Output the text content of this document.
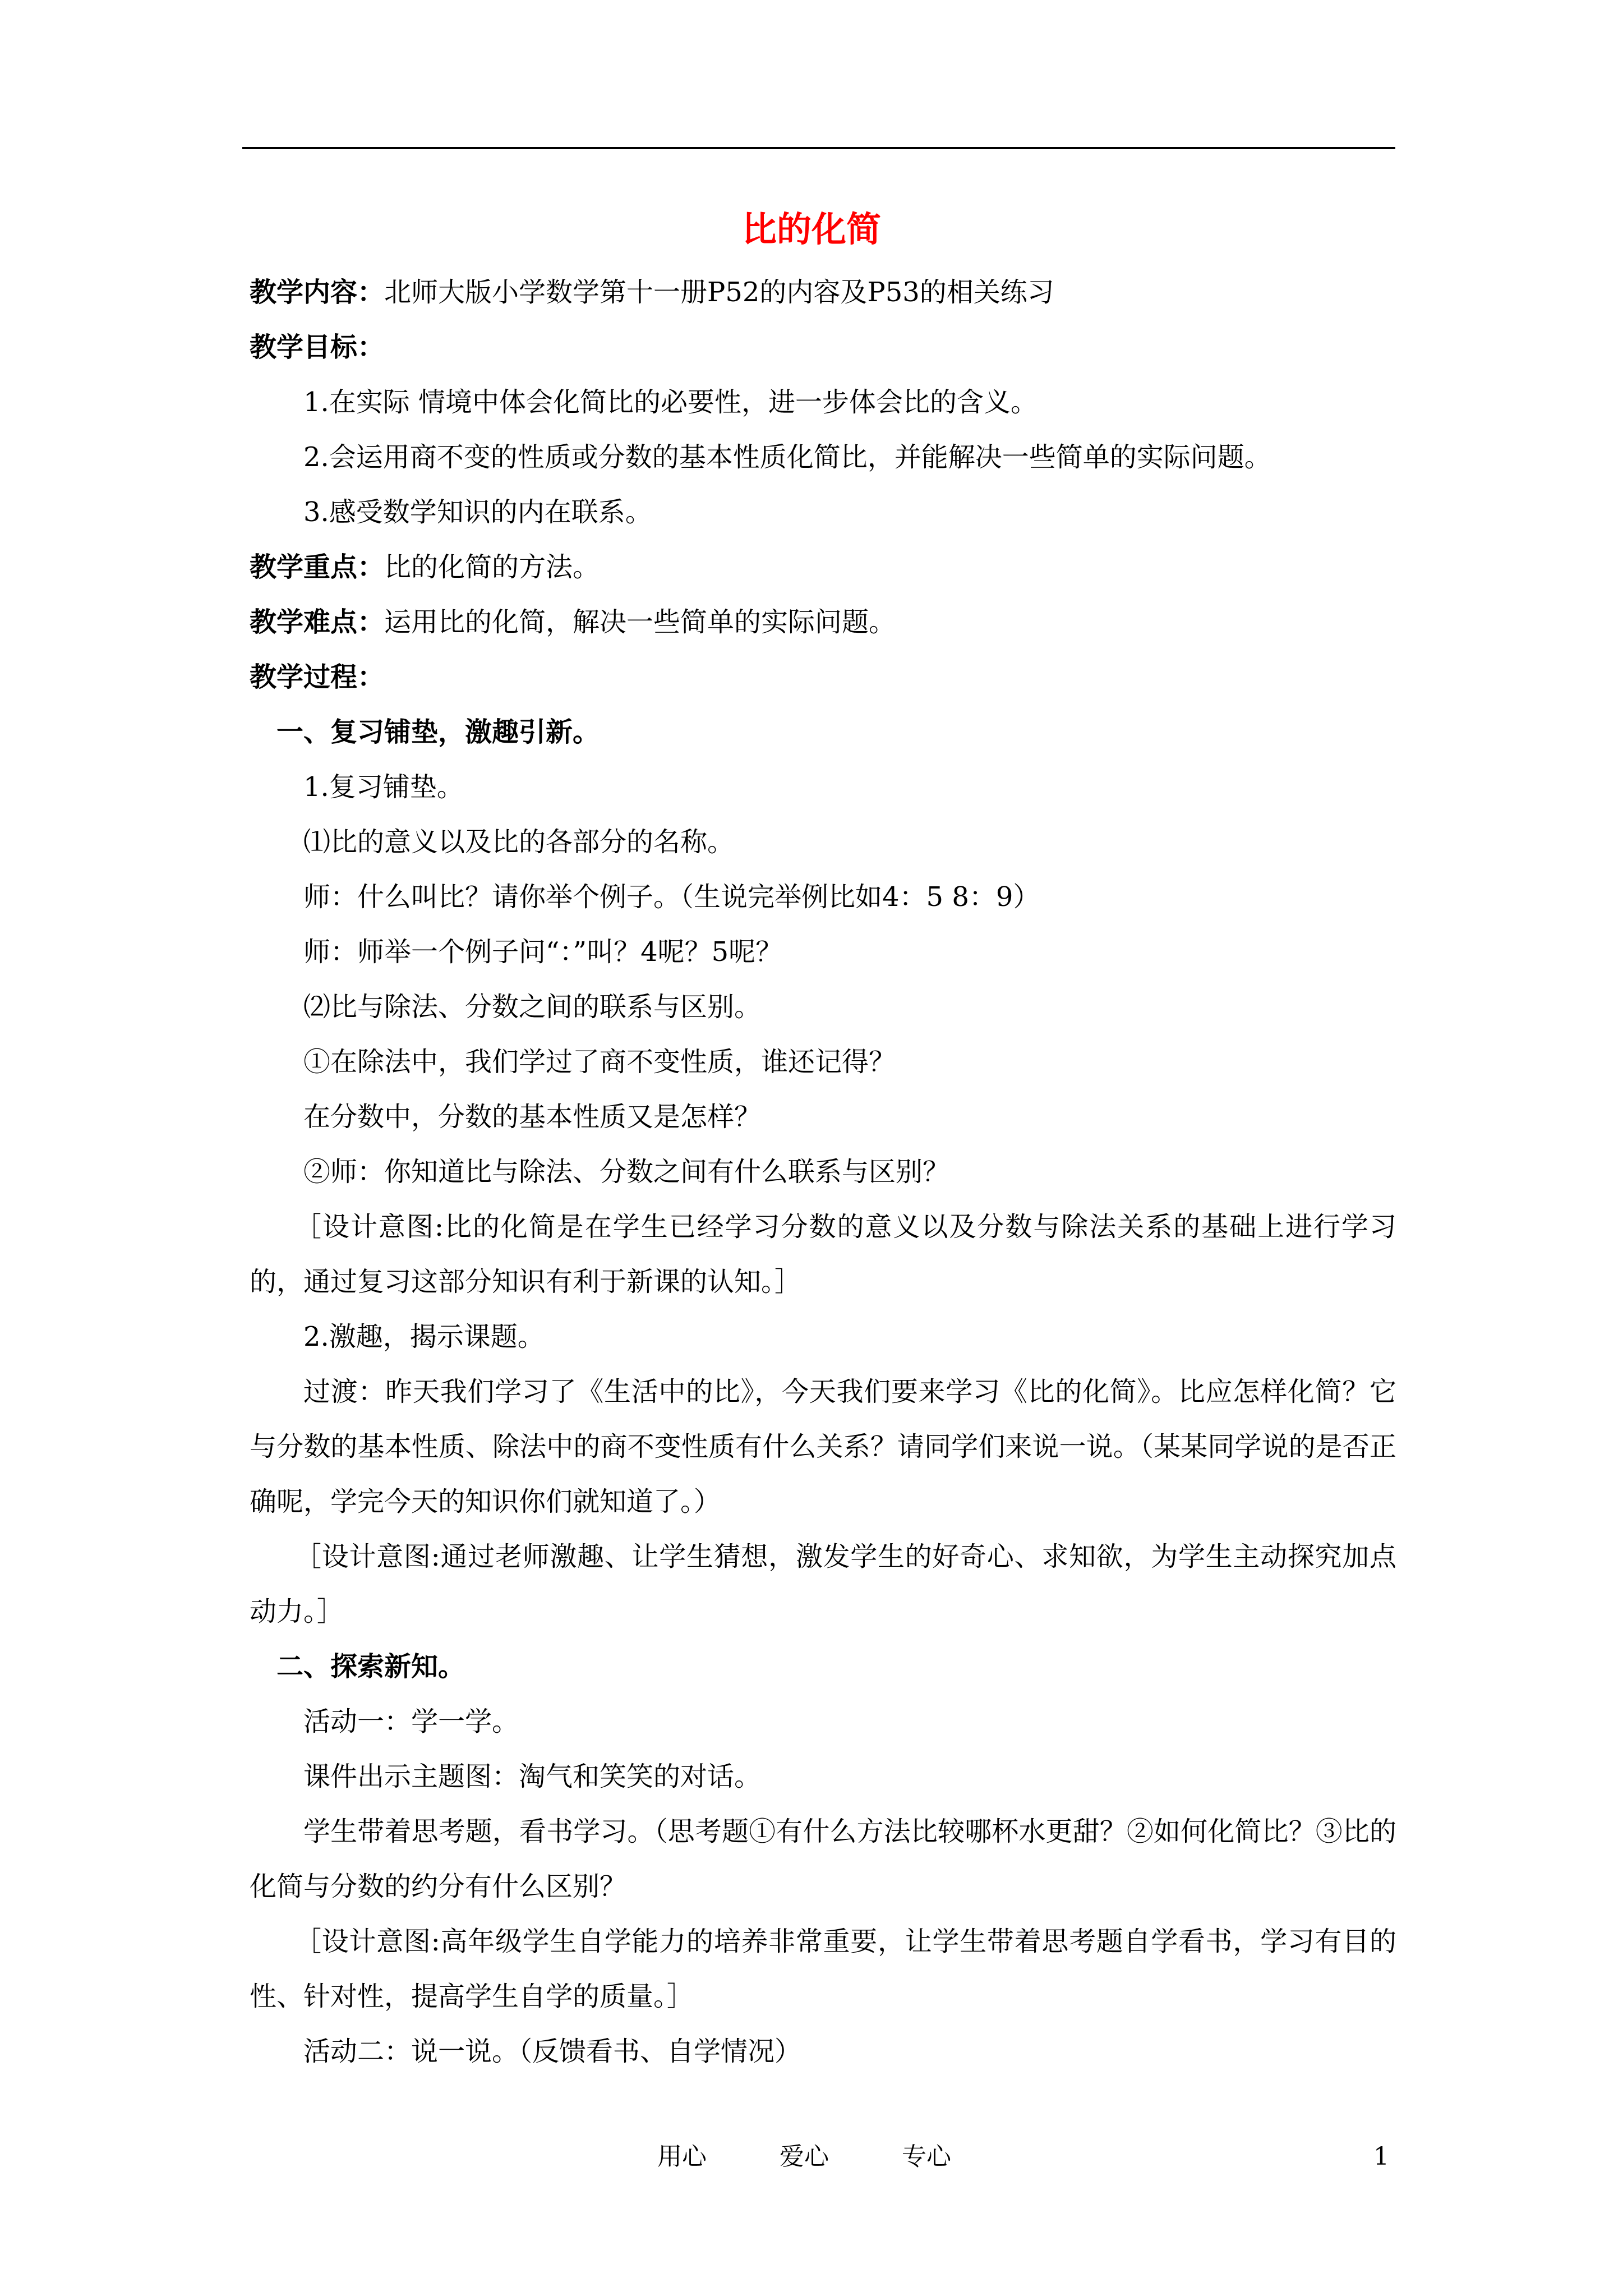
比的化简
教学内容：北师大版小学数学第十一册P52的内容及P53的相关练习
教学目标：
1.在实际 情境中体会化简比的必要性，进一步体会比的含义。
2.会运用商不变的性质或分数的基本性质化简比，并能解决一些简单的实际问题。
3.感受数学知识的内在联系。
教学重点：比的化简的方法。
教学难点：运用比的化简，解决一些简单的实际问题。
教学过程：
一、复习铺垫，激趣引新。
1.复习铺垫。
⑴比的意义以及比的各部分的名称。
师：什么叫比？请你举个例子。（生说完举例比如4：5 8：9）
师：师举一个例子问“：”叫？4呢？5呢？
⑵比与除法、分数之间的联系与区别。
①在除法中，我们学过了商不变性质，谁还记得？
在分数中，分数的基本性质又是怎样？
②师：你知道比与除法、分数之间有什么联系与区别？
［设计意图:比的化简是在学生已经学习分数的意义以及分数与除法关系的基础上进行学习的，通过复习这部分知识有利于新课的认知。］
2.激趣，揭示课题。
过渡：昨天我们学习了《生活中的比》，今天我们要来学习《比的化简》。比应怎样化简？它与分数的基本性质、除法中的商不变性质有什么关系？请同学们来说一说。（某某同学说的是否正确呢，学完今天的知识你们就知道了。）
［设计意图:通过老师激趣、让学生猜想，激发学生的好奇心、求知欲，为学生主动探究加点动力。］
二、探索新知。
活动一：学一学。
课件出示主题图：淘气和笑笑的对话。
学生带着思考题，看书学习。（思考题①有什么方法比较哪杯水更甜？②如何化简比？③比的化简与分数的约分有什么区别？
［设计意图:高年级学生自学能力的培养非常重要，让学生带着思考题自学看书，学习有目的性、针对性，提高学生自学的质量。］
活动二：说一说。（反馈看书、自学情况）
用心	爱心	专心	1
